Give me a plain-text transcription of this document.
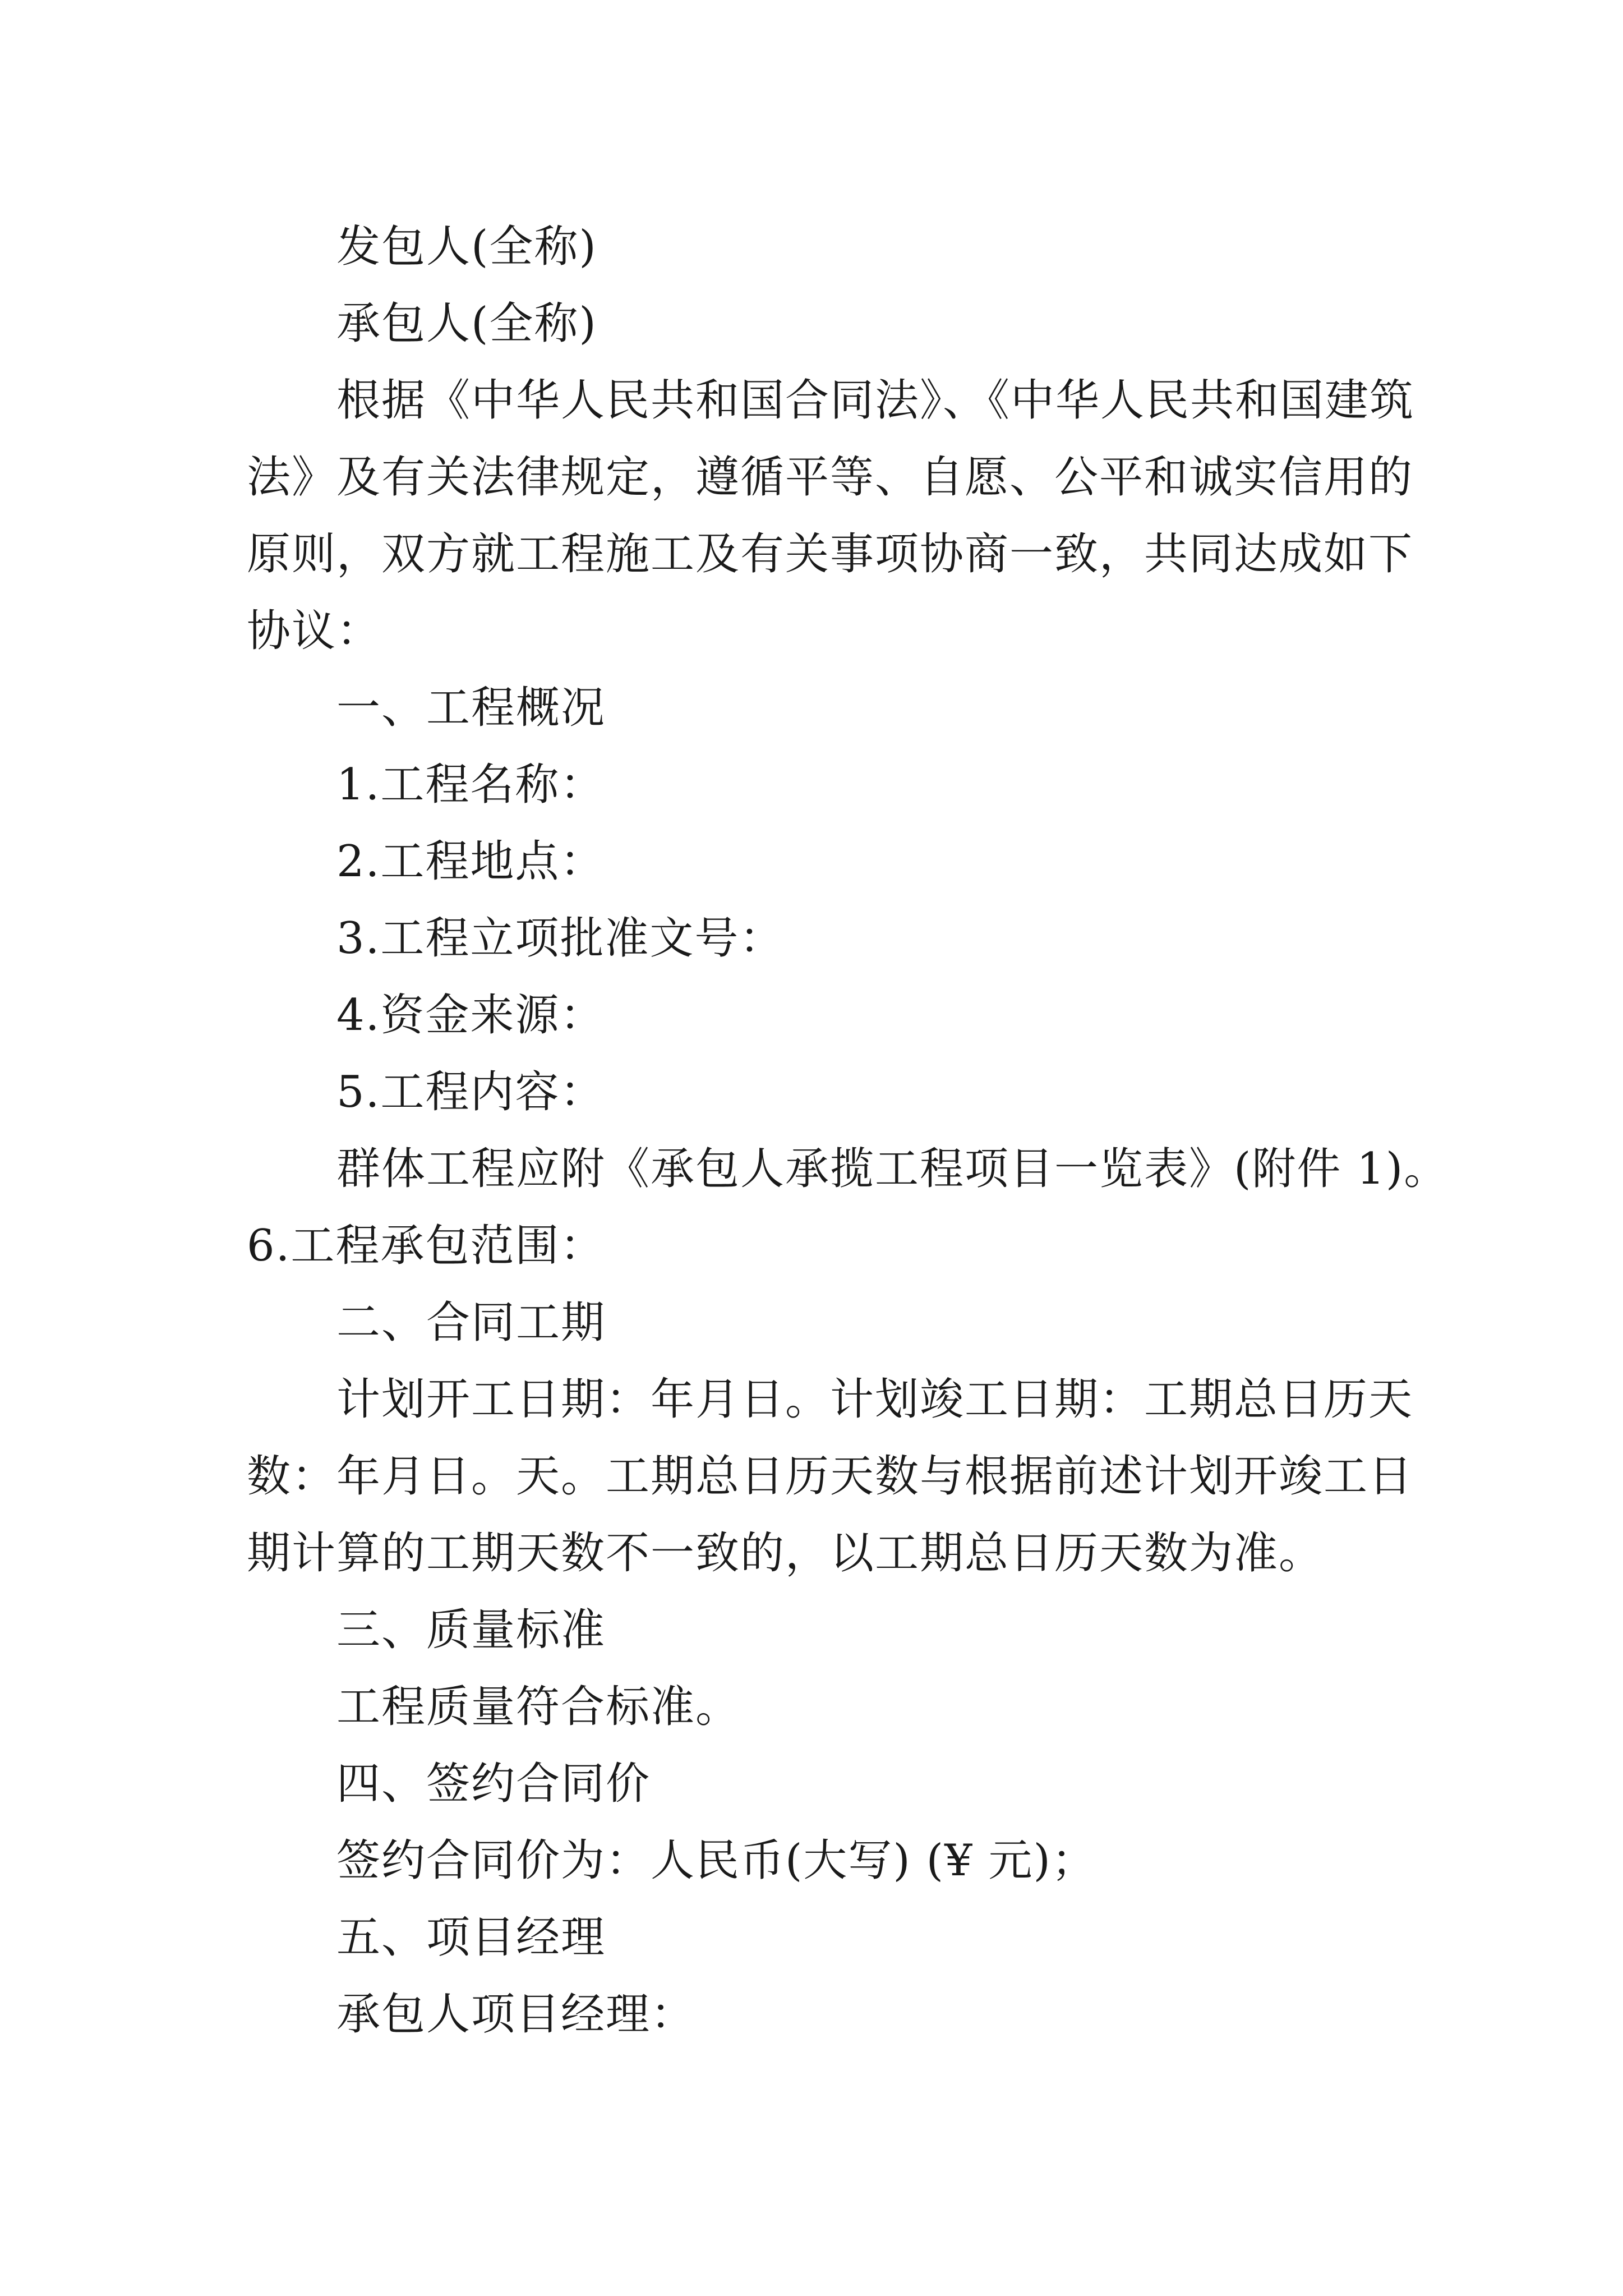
发包人(全称)
承包人(全称)
根据《中华人民共和国合同法》、《中华人民共和国建筑
法》及有关法律规定，遵循平等、自愿、公平和诚实信用的
原则，双方就工程施工及有关事项协商一致，共同达成如下
协议：
一、工程概况
1.工程名称：
2.工程地点：
3.工程立项批准文号：
4.资金来源：
5.工程内容：
群体工程应附《承包人承揽工程项目一览表》(附件 1)。
6.工程承包范围：
二、合同工期
计划开工日期：年月日。计划竣工日期：工期总日历天
数：年月日。天。工期总日历天数与根据前述计划开竣工日
期计算的工期天数不一致的，以工期总日历天数为准。
三、质量标准
工程质量符合标准。
四、签约合同价
签约合同价为：人民币(大写) (¥ 元)；
五、项目经理
承包人项目经理：
